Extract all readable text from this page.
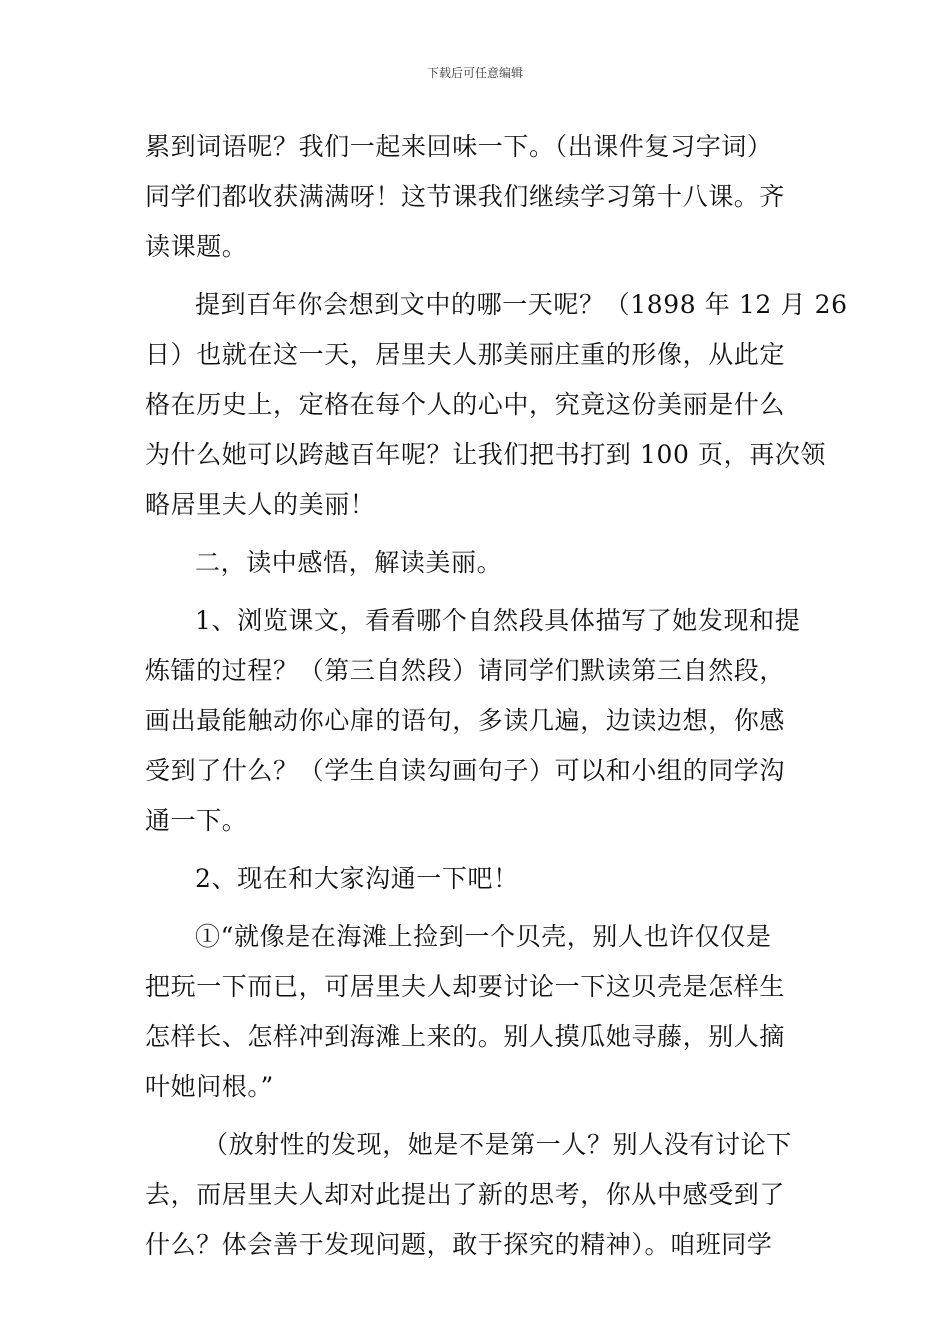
下载后可任意编辑
累到词语呢？我们一起来回味一下。（出课件复习字词）
同学们都收获满满呀！这节课我们继续学习第十八课。齐
读课题。
提到百年你会想到文中的哪一天呢？（1898 年 12 月 26
日）也就在这一天，居里夫人那美丽庄重的形像，从此定
格在历史上，定格在每个人的心中，究竟这份美丽是什么
为什么她可以跨越百年呢？让我们把书打到 100 页，再次领
略居里夫人的美丽！
二，读中感悟，解读美丽。
1、浏览课文，看看哪个自然段具体描写了她发现和提
炼镭的过程？（第三自然段）请同学们默读第三自然段，
画出最能触动你心扉的语句，多读几遍，边读边想，你感
受到了什么？（学生自读勾画句子）可以和小组的同学沟
通一下。
2、现在和大家沟通一下吧！
①“就像是在海滩上捡到一个贝壳，别人也许仅仅是
把玩一下而已，可居里夫人却要讨论一下这贝壳是怎样生
怎样长、怎样冲到海滩上来的。别人摸瓜她寻藤，别人摘
叶她问根。”
（放射性的发现，她是不是第一人？别人没有讨论下
去，而居里夫人却对此提出了新的思考，你从中感受到了
什么？体会善于发现问题，敢于探究的精神）。咱班同学
